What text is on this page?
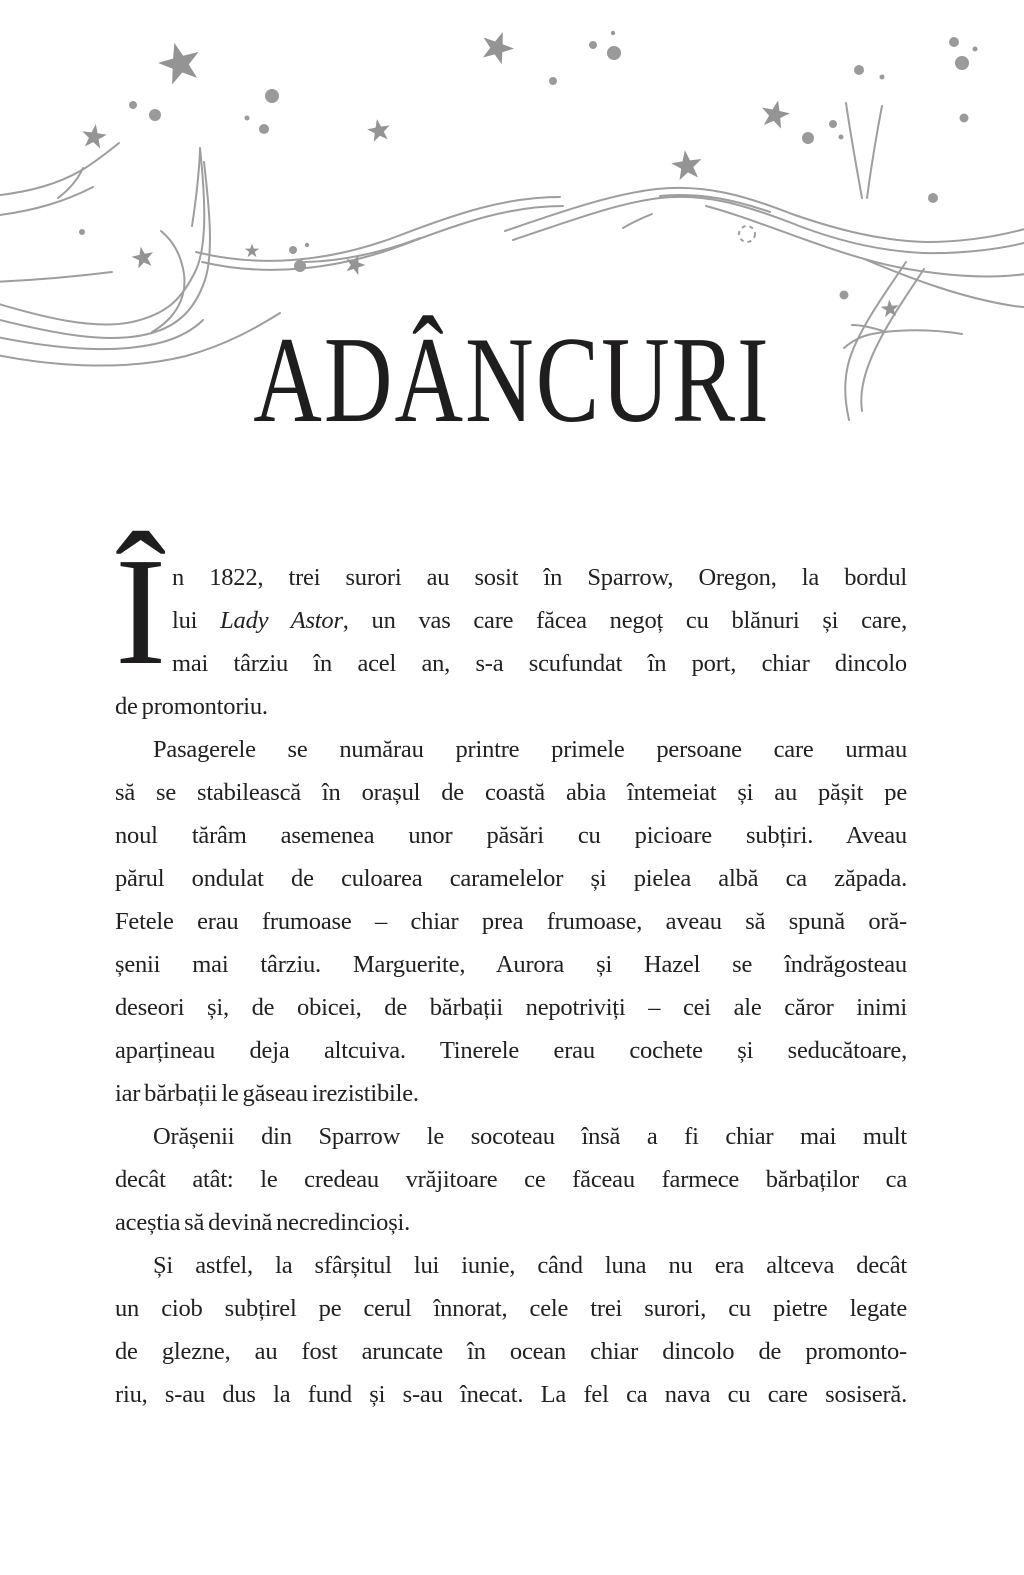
ADÂNCURI
Î n 1822, trei surori au sosit în Sparrow, Oregon, la bordul
lui Lady Astor, un vas care făcea negoț cu blănuri și care,
mai târziu în acel an, s-a scufundat în port, chiar dincolo
de promontoriu.
Pasagerele se numărau printre primele persoane care urmau
să se stabilească în orașul de coastă abia întemeiat și au pășit pe
noul tărâm asemenea unor păsări cu picioare subțiri. Aveau
părul ondulat de culoarea caramelelor și pielea albă ca zăpada.
Fetele erau frumoase – chiar prea frumoase, aveau să spună oră-
șenii mai târziu. Marguerite, Aurora și Hazel se îndrăgosteau
deseori și, de obicei, de bărbații nepotriviți – cei ale căror inimi
aparțineau deja altcuiva. Tinerele erau cochete și seducătoare,
iar bărbații le găseau irezistibile.
Orășenii din Sparrow le socoteau însă a fi chiar mai mult
decât atât: le credeau vrăjitoare ce făceau farmece bărbaților ca
aceștia să devină necredincioși.
Și astfel, la sfârșitul lui iunie, când luna nu era altceva decât
un ciob subțirel pe cerul înnorat, cele trei surori, cu pietre legate
de glezne, au fost aruncate în ocean chiar dincolo de promonto-
riu, s-au dus la fund și s-au înecat. La fel ca nava cu care sosiseră.
